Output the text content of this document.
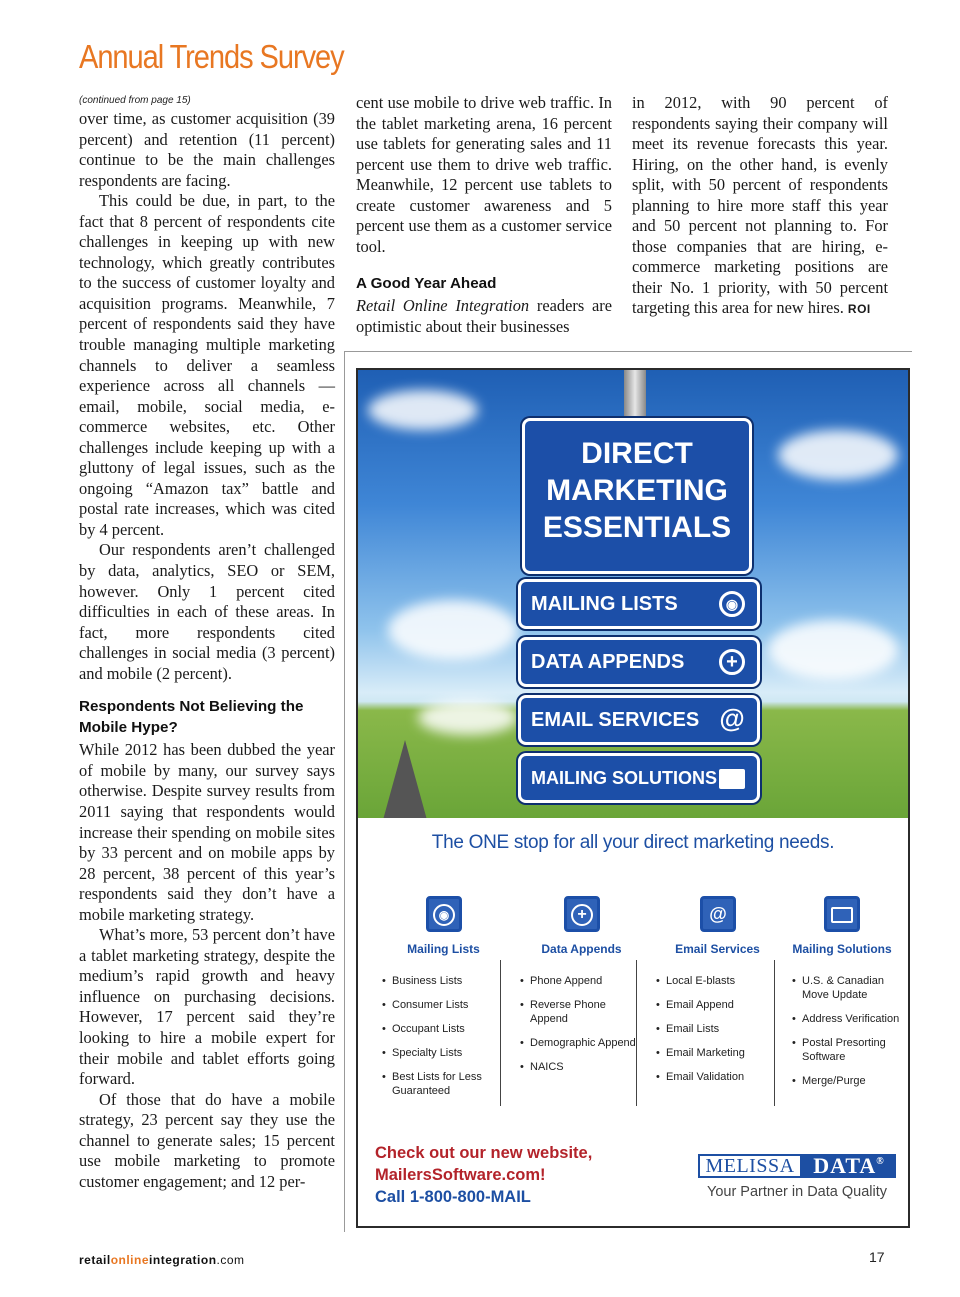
Annual Trends Survey
(continued from page 15)

over time, as customer acquisition (39 percent) and retention (11 percent) continue to be the main challenges respondents are facing.

This could be due, in part, to the fact that 8 percent of respondents cite challenges in keeping up with new technology, which greatly contributes to the success of customer loyalty and acquisition programs. Meanwhile, 7 percent of respondents said they have trouble managing multiple marketing channels to deliver a seamless experience across all channels — email, mobile, social media, e-commerce websites, etc. Other challenges include keeping up with a gluttony of legal issues, such as the ongoing “Amazon tax” battle and postal rate increases, which was cited by 4 percent.

Our respondents aren’t challenged by data, analytics, SEO or SEM, however. Only 1 percent cited difficulties in each of these areas. In fact, more respondents cited challenges in social media (3 percent) and mobile (2 percent).

Respondents Not Believing the Mobile Hype?

While 2012 has been dubbed the year of mobile by many, our survey says otherwise. Despite survey results from 2011 saying that respondents would increase their spending on mobile sites by 33 percent and on mobile apps by 28 percent, 38 percent of this year’s respondents said they don’t have a mobile marketing strategy.

What’s more, 53 percent don’t have a tablet marketing strategy, despite the medium’s rapid growth and heavy influence on purchasing decisions. However, 17 percent said they’re looking to hire a mobile expert for their mobile and tablet efforts going forward.

Of those that do have a mobile strategy, 23 percent say they use the channel to generate sales; 15 percent use mobile marketing to promote customer engagement; and 12 per-

cent use mobile to drive web traffic. In the tablet marketing arena, 16 percent use tablets for generating sales and 11 percent use them to drive web traffic. Meanwhile, 12 percent use tablets to create customer awareness and 5 percent use them as a customer service tool.

A Good Year Ahead

Retail Online Integration readers are optimistic about their businesses

in 2012, with 90 percent of respondents saying their company will meet its revenue forecasts this year. Hiring, on the other hand, is evenly split, with 50 percent of respondents planning to hire more staff this year and 50 percent not planning to. For those companies that are hiring, e-commerce marketing positions are their No. 1 priority, with 50 percent targeting this area for new hires. ROI

DIRECT
MARKETING
ESSENTIALS
MAILING LISTS	◉
DATA APPENDS	+
EMAIL SERVICES @
MAILING SOLUTIONS
The ONE stop for all your direct marketing needs.
◉
Mailing Lists
• Business Lists
• Consumer Lists
• Occupant Lists
• Specialty Lists
• Best Lists for Less Guaranteed
+
Data Appends
• Phone Append
• Reverse Phone Append
• Demographic Append
• NAICS
@
Email Services
• Local E-blasts
• Email Append
• Email Lists
• Email Marketing
• Email Validation
Mailing Solutions
• U.S. & Canadian Move Update
• Address Verification
• Postal Presorting Software
• Merge/Purge
Check out our new website,
MailersSoftware.com!
Call 1-800-800-MAIL
MELISSA DATA®
Your Partner in Data Quality
retailonlineintegration.com	17
